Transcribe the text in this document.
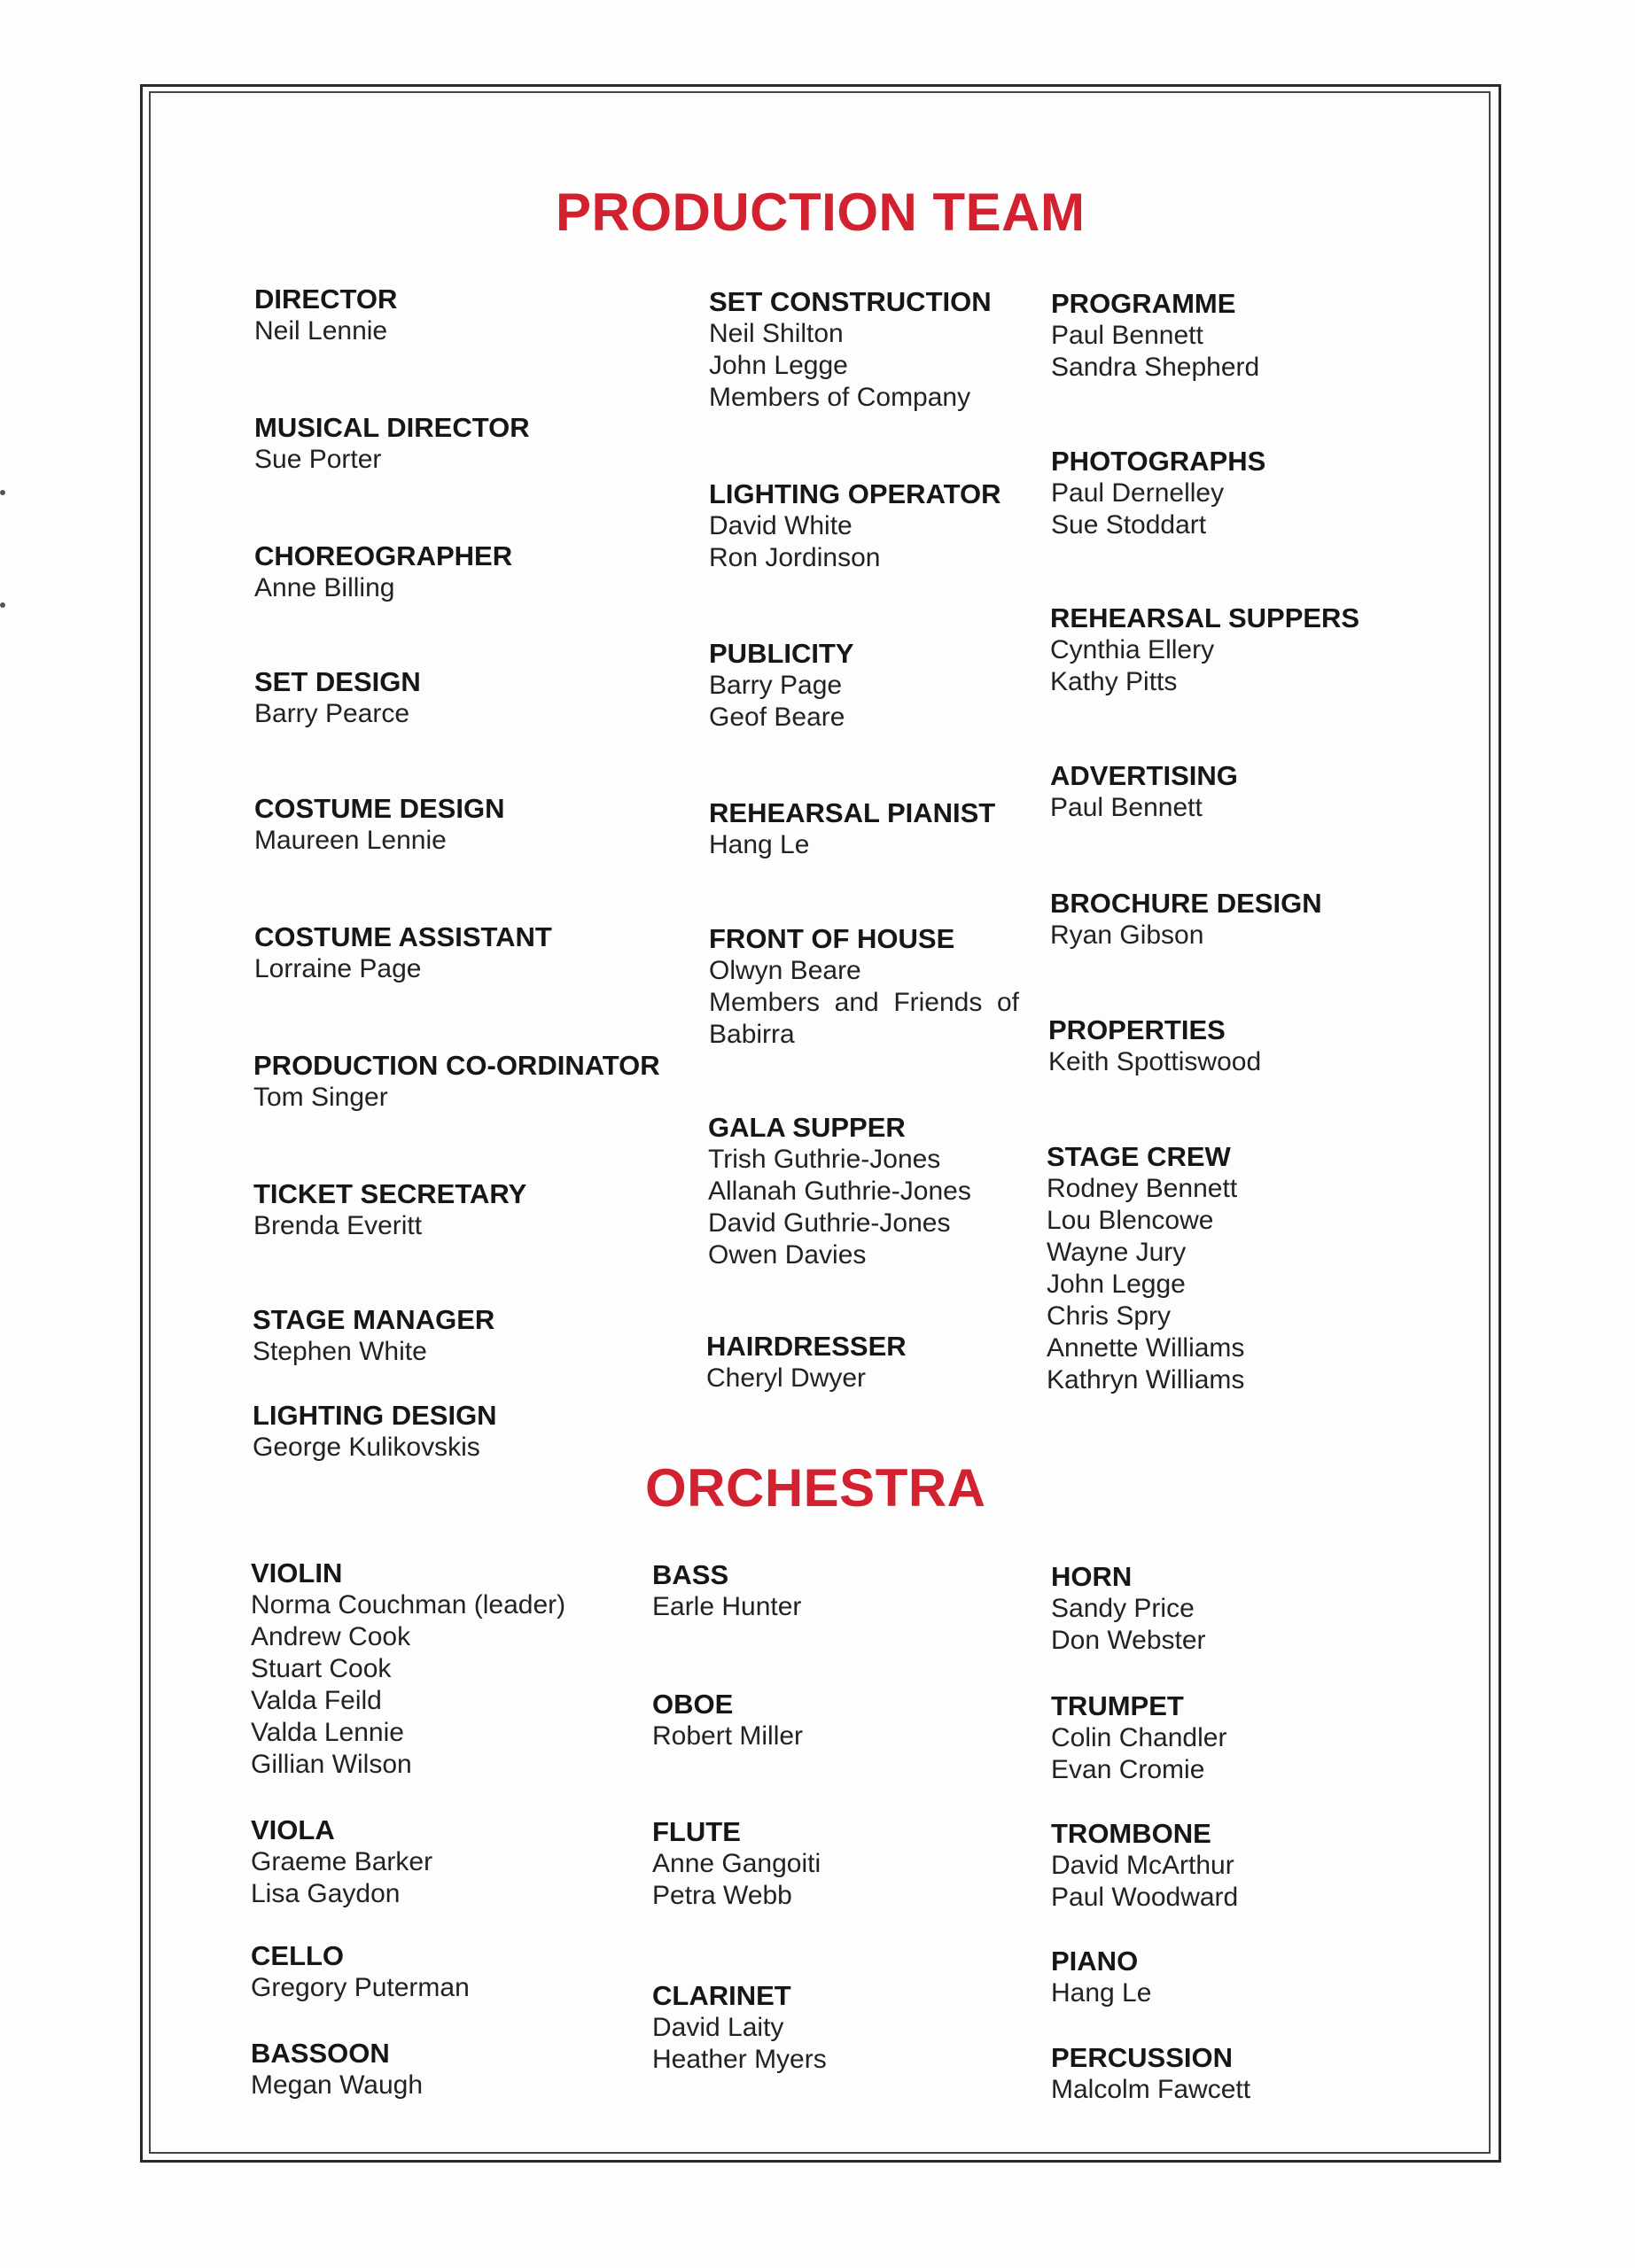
PRODUCTION TEAM
ORCHESTRA
DIRECTOR
Neil Lennie
MUSICAL DIRECTOR
Sue Porter
CHOREOGRAPHER
Anne Billing
SET DESIGN
Barry Pearce
COSTUME DESIGN
Maureen Lennie
COSTUME ASSISTANT
Lorraine Page
PRODUCTION CO-ORDINATOR
Tom Singer
TICKET SECRETARY
Brenda Everitt
STAGE MANAGER
Stephen White
LIGHTING DESIGN
George Kulikovskis
SET CONSTRUCTION
Neil Shilton
John Legge
Members of Company
LIGHTING OPERATOR
David White
Ron Jordinson
PUBLICITY
Barry Page
Geof Beare
REHEARSAL PIANIST
Hang Le
FRONT OF HOUSE
Olwyn Beare
Members and Friends of Babirra
GALA SUPPER
Trish Guthrie-Jones
Allanah Guthrie-Jones
David Guthrie-Jones
Owen Davies
HAIRDRESSER
Cheryl Dwyer
PROGRAMME
Paul Bennett
Sandra Shepherd
PHOTOGRAPHS
Paul Dernelley
Sue Stoddart
REHEARSAL SUPPERS
Cynthia Ellery
Kathy Pitts
ADVERTISING
Paul Bennett
BROCHURE DESIGN
Ryan Gibson
PROPERTIES
Keith Spottiswood
STAGE CREW
Rodney Bennett
Lou Blencowe
Wayne Jury
John Legge
Chris Spry
Annette Williams
Kathryn Williams
VIOLIN
Norma Couchman (leader)
Andrew Cook
Stuart Cook
Valda Feild
Valda Lennie
Gillian Wilson
VIOLA
Graeme Barker
Lisa Gaydon
CELLO
Gregory Puterman
BASSOON
Megan Waugh
BASS
Earle Hunter
OBOE
Robert Miller
FLUTE
Anne Gangoiti
Petra Webb
CLARINET
David Laity
Heather Myers
HORN
Sandy Price
Don Webster
TRUMPET
Colin Chandler
Evan Cromie
TROMBONE
David McArthur
Paul Woodward
PIANO
Hang Le
PERCUSSION
Malcolm Fawcett
